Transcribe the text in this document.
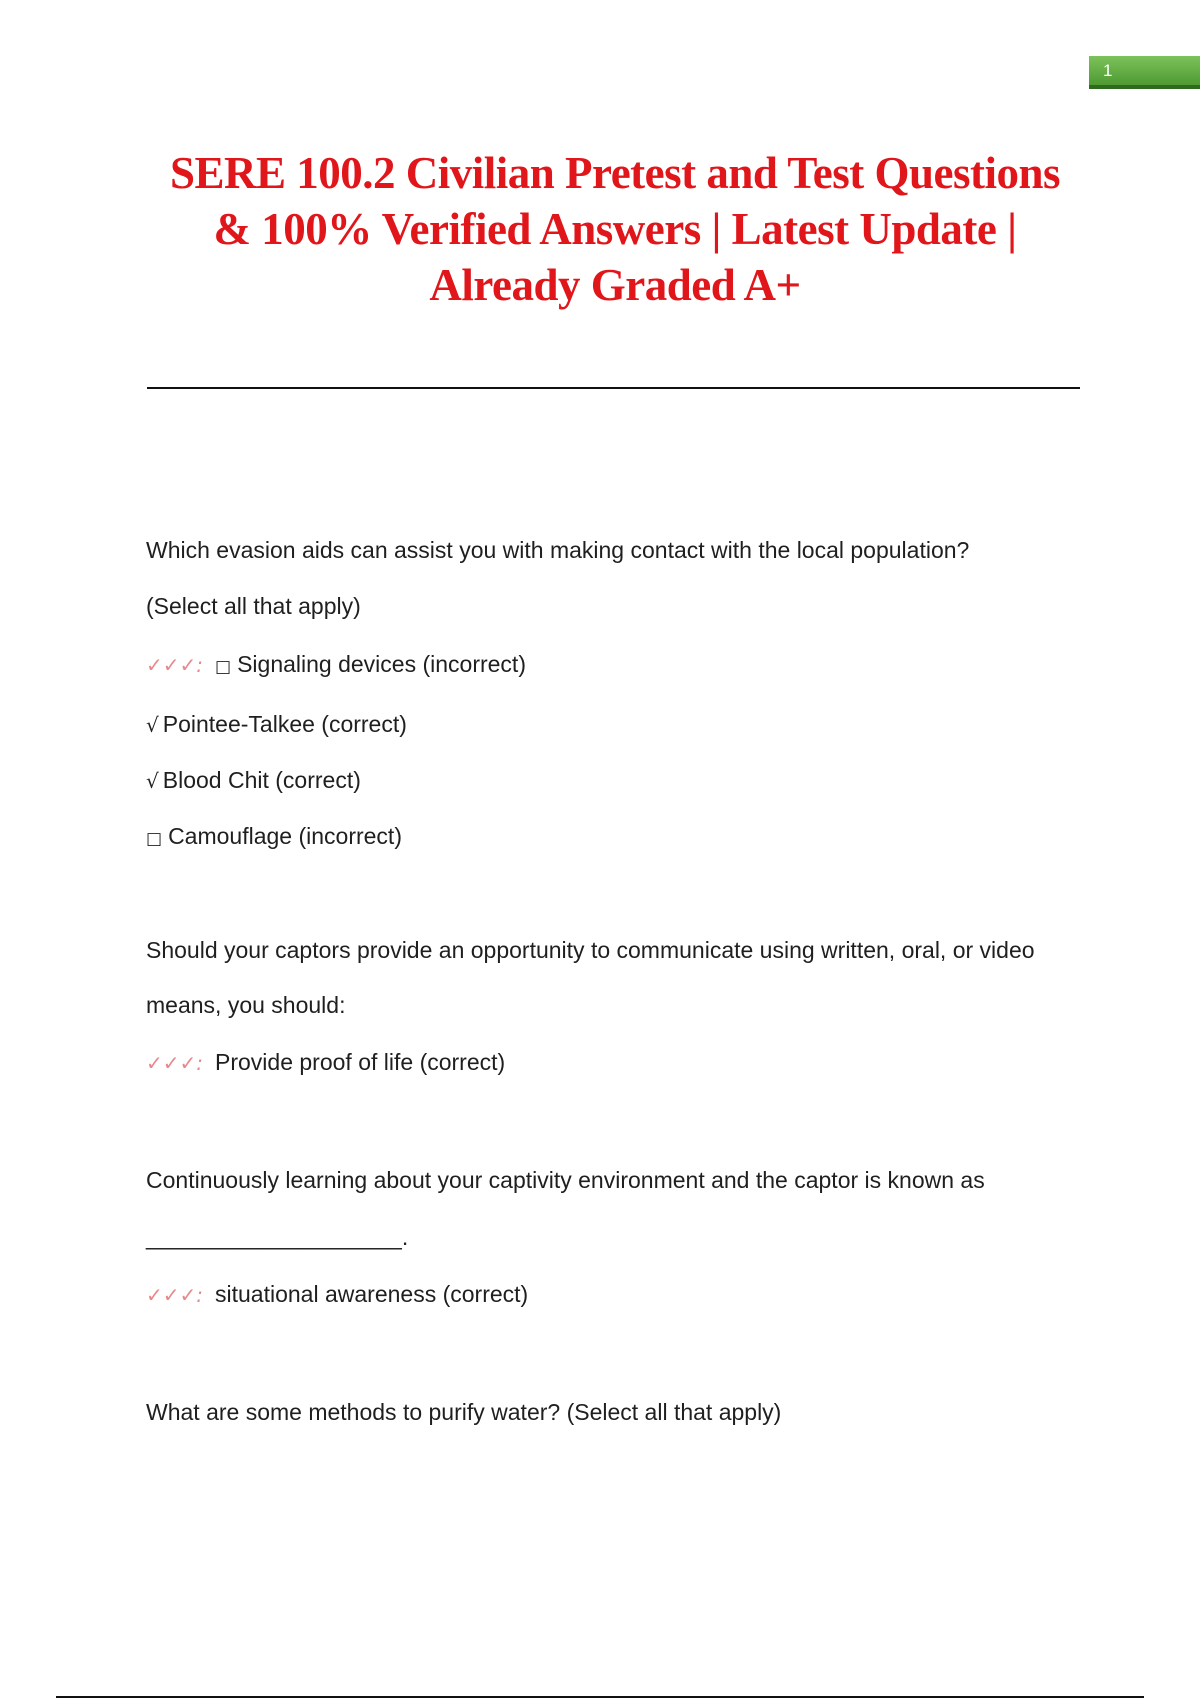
1
SERE 100.2 Civilian Pretest and Test Questions
& 100% Verified Answers | Latest Update |
Already Graded A+
Which evasion aids can assist you with making contact with the local population?
(Select all that apply)
✓✓✓: □ Signaling devices (incorrect)
√ Pointee-Talkee (correct)
√ Blood Chit (correct)
□ Camouflage (incorrect)
Should your captors provide an opportunity to communicate using written, oral, or video
means, you should:
✓✓✓: Provide proof of life (correct)
Continuously learning about your captivity environment and the captor is known as
____________________.
✓✓✓: situational awareness (correct)
What are some methods to purify water? (Select all that apply)
